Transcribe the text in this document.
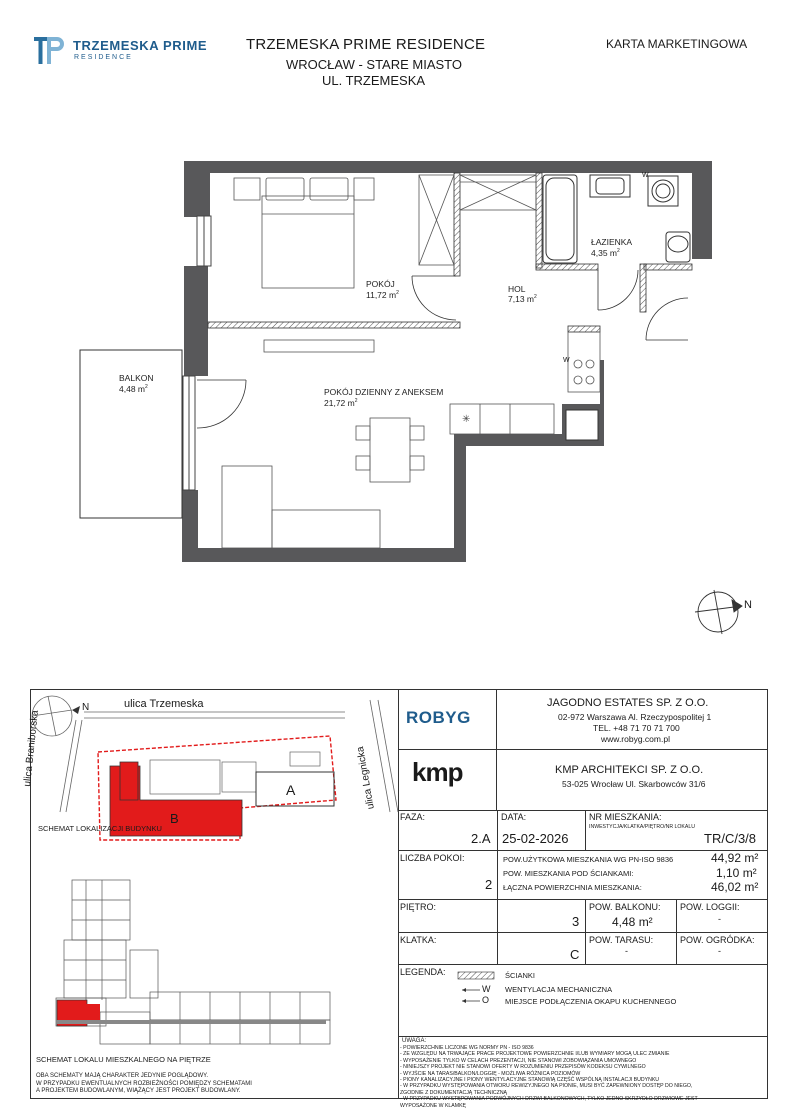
TRZEMESKA PRIME
RESIDENCE
TRZEMESKA PRIME RESIDENCE
WROCŁAW - STARE MIASTO
UL. TRZEMESKA
KARTA MARKETINGOWA
✳
POKÓJ
11,72 $m^2$	HOL
7,13 $m^2$
ŁAZIENKA
4,35 $m^2$
BALKON
4,48 $m^2$	POKÓJ DZIENNY Z ANEKSEM
21,72 $m^2$
W
W
N
ulica Trzemeska
ulica Braniborska	ulica Legnicka
A
B
N
SCHEMAT LOKALIZACJI BUDYNKU
SCHEMAT LOKALU MIESZKALNEGO NA PIĘTRZE
OBA SCHEMATY MAJĄ CHARAKTER JEDYNIE POGLĄDOWY.
W PRZYPADKU EWENTUALNYCH ROZBIEŻNOŚCI POMIĘDZY SCHEMATAMI
A PROJEKTEM BUDOWLANYM, WIĄŻĄCY JEST PROJEKT BUDOWLANY.
ROBYG
JAGODNO ESTATES SP. Z O.O.
02-972 Warszawa Al. Rzeczypospolitej 1
TEL. +48 71 70 71 700
www.robyg.com.pl
kmp	KMP ARCHITEKCI SP. Z O.O.
53-025 Wrocław Ul. Skarbowców 31/6
FAZA:
2.A
DATA:
25-02-2026
NR MIESZKANIA:
INWESTYCJA/KLATKA/PIĘTRO/NR LOKALU
TR/C/3/8
LICZBA POKOI:
2
POW.UŻYTKOWA MIESZKANIA WG PN-ISO 9836	44,92 m²
POW. MIESZKANIA POD ŚCIANKAMI:	1,10 m²
ŁĄCZNA POWIERZCHNIA MIESZKANIA:	46,02 m²
PIĘTRO:
3
POW. BALKONU:
4,48 m²
POW. LOGGII:
-
KLATKA:
C
POW. TARASU:
-
POW. OGRÓDKA:
-
LEGENDA:	ŚCIANKI
W WENTYLACJA MECHANICZNA
O MIEJSCE PODŁĄCZENIA OKAPU KUCHENNEGO
UWAGA:
- POWIERZCHNIE LICZONE WG NORMY PN - ISO 9836
- ZE WZGLĘDU NA TRWAJĄCE PRACE PROJEKTOWE POWIERZCHNIE I/LUB WYMIARY MOGĄ ULEC ZMIANIE
- WYPOSAŻENIE TYLKO W CELACH PREZENTACJI, NIE STANOWI ZOBOWIĄZANIA UMOWNEGO
- NINIEJSZY PROJEKT NIE STANOWI OFERTY W ROZUMIENIU PRZEPISÓW KODEKSU CYWILNEGO
- WYJŚCIE NA TARAS/BALKON/LOGGIĘ - MOŻLIWA RÓŻNICA POZIOMÓW
- PIONY KANALIZACYJNE I PIONY WENTYLACYJNE STANOWIĄ CZĘŚĆ WSPÓLNĄ INSTALACJI BUDYNKU
- W PRZYPADKU WYSTĘPOWANIA OTWORU REWIZYJNEGO NA PIONIE, MUSI BYĆ ZAPEWNIONY DOSTĘP DO NIEGO,
ZGODNIE Z DOKUMENTACJĄ TECHNICZNĄ
- W PRZYPADKU WYSTĘPOWANIA PODWÓJNYCH DRZWI BALKONOWYCH, TYLKO JEDNO SKRZYDŁO DRZWIOWE JEST
WYPOSAŻONE W KLAMKĘ
